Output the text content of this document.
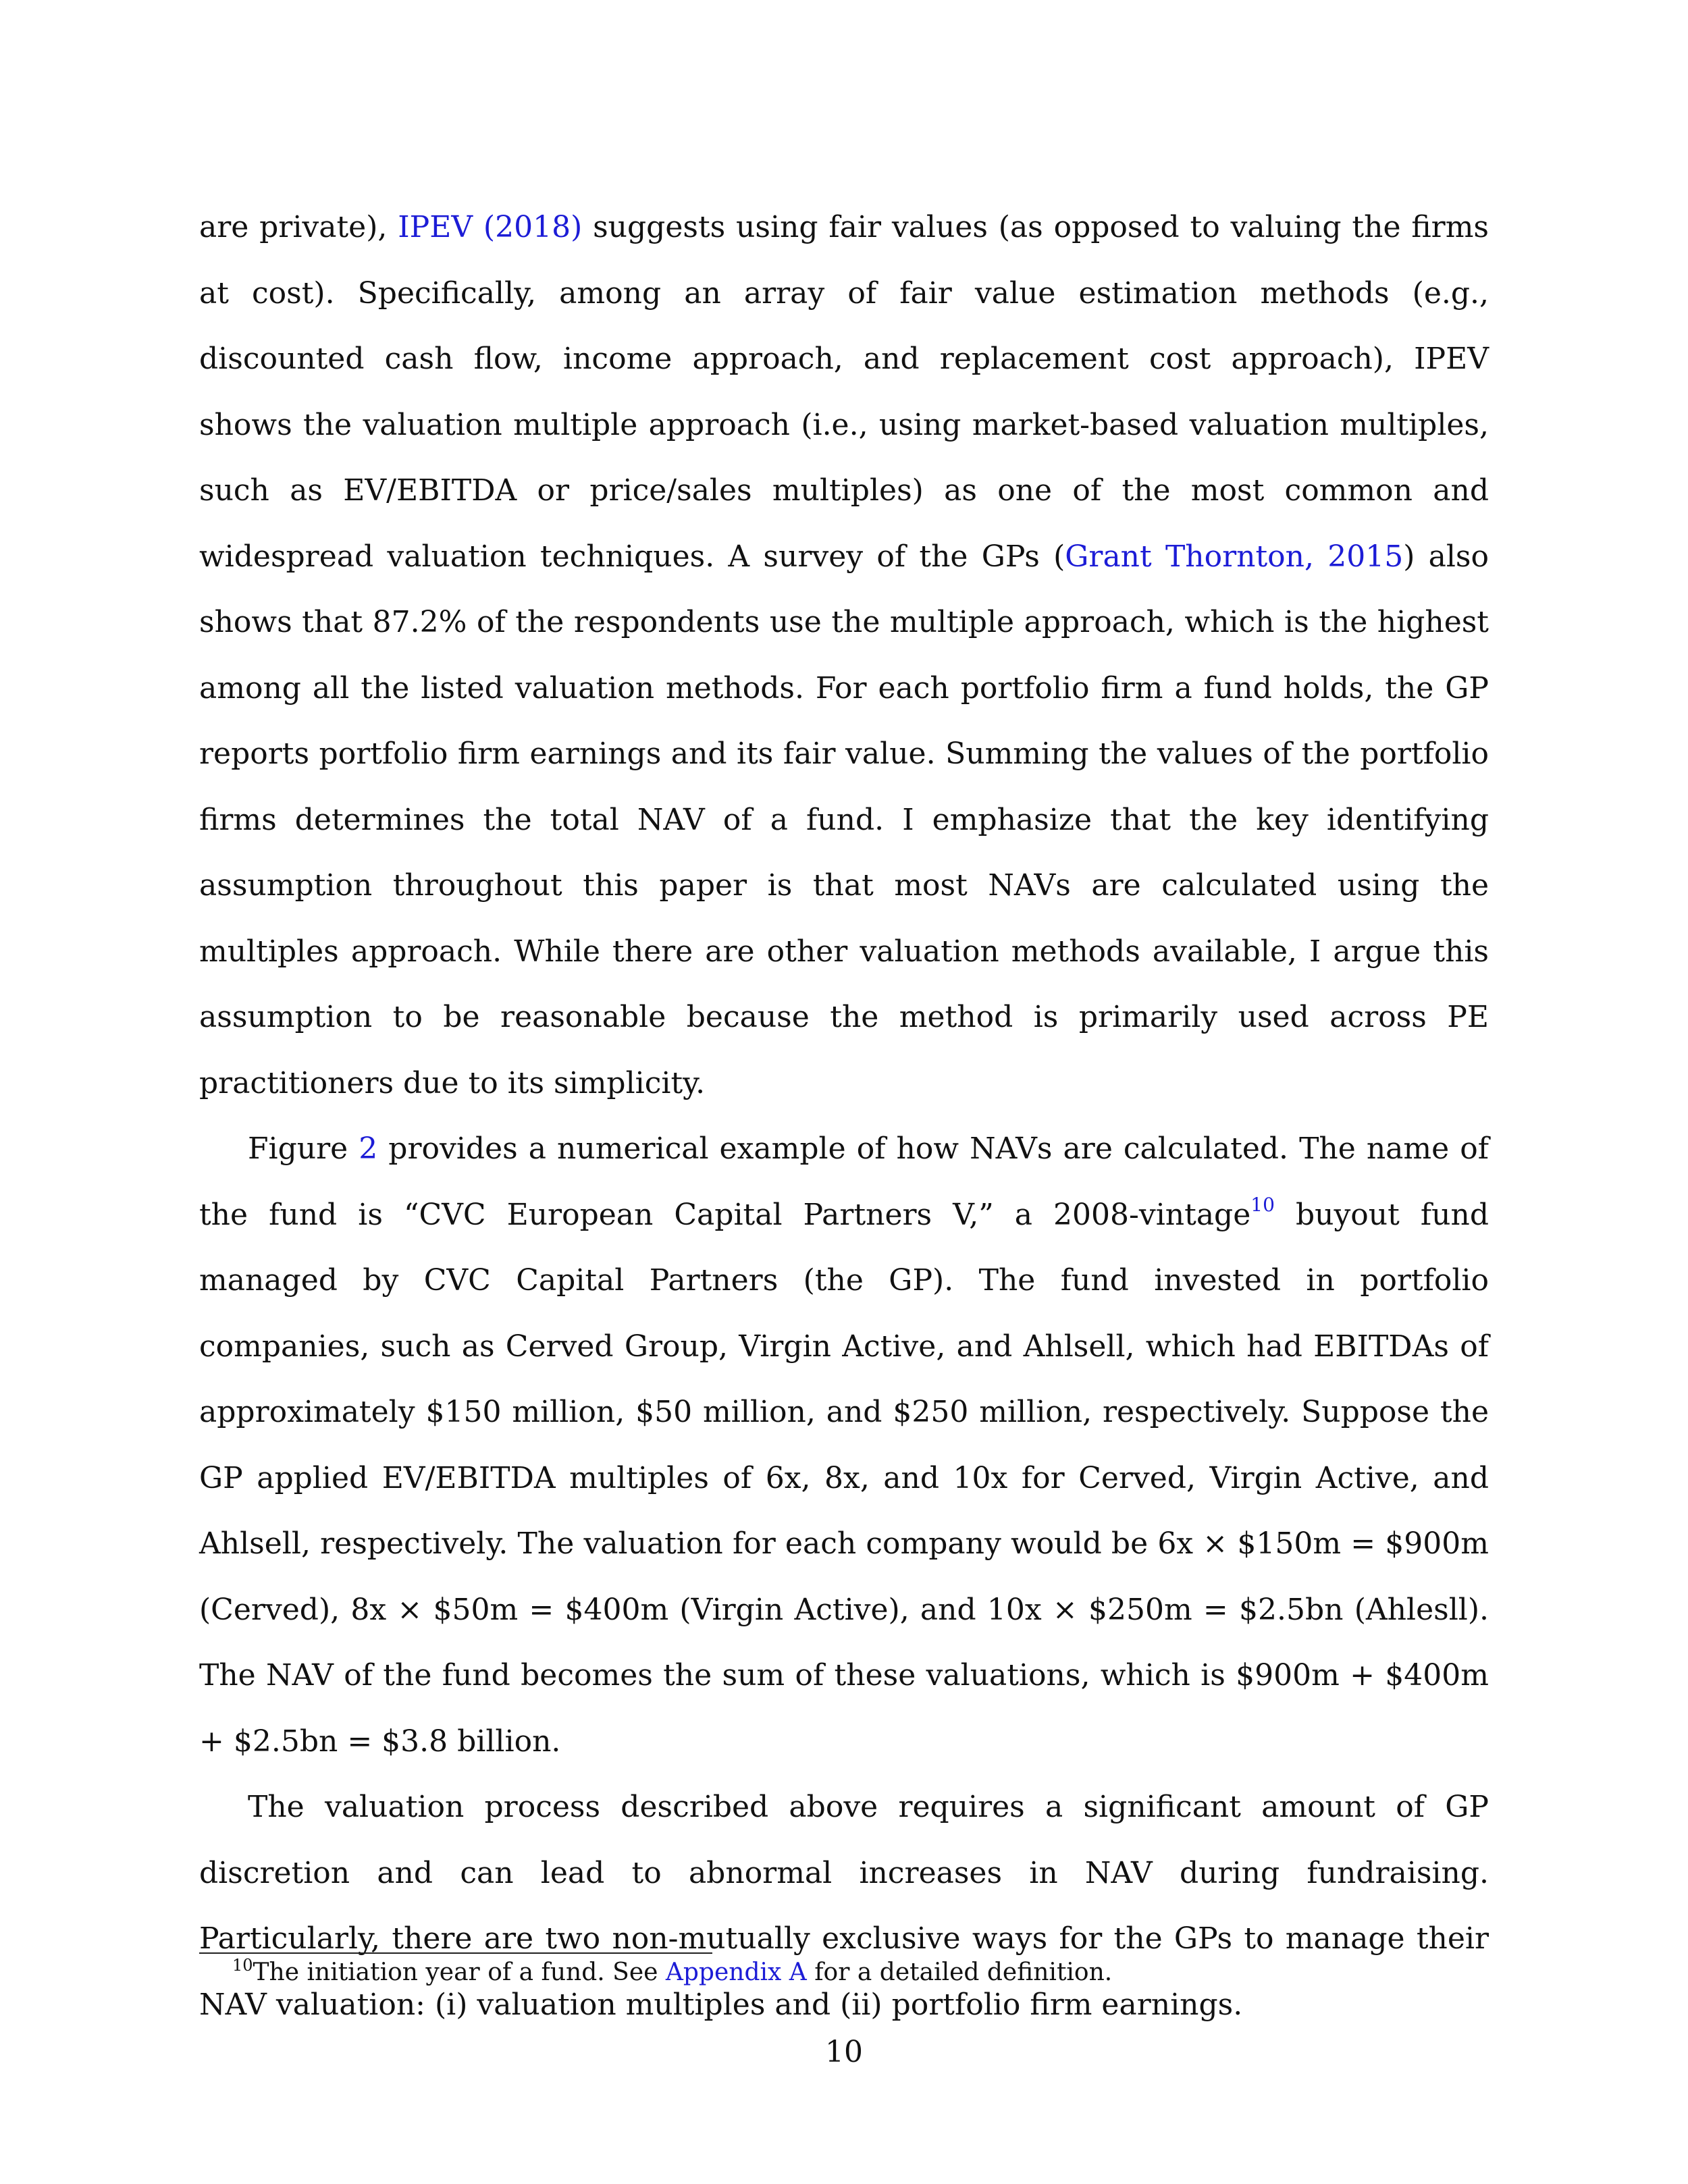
are private), IPEV (2018) suggests using fair values (as opposed to valuing the firms at cost). Specifically, among an array of fair value estimation methods (e.g., discounted cash flow, income approach, and replacement cost approach), IPEV shows the valuation multiple approach (i.e., using market-based valuation multiples, such as EV/EBITDA or price/sales multiples) as one of the most common and widespread valuation techniques. A survey of the GPs (Grant Thornton, 2015) also shows that 87.2% of the respondents use the multiple approach, which is the highest among all the listed valuation methods. For each portfolio firm a fund holds, the GP reports portfolio firm earnings and its fair value. Summing the values of the portfolio firms determines the total NAV of a fund. I emphasize that the key identifying assumption throughout this paper is that most NAVs are calculated using the multiples approach. While there are other valuation methods available, I argue this assumption to be reasonable because the method is primarily used across PE practitioners due to its simplicity.

Figure 2 provides a numerical example of how NAVs are calculated. The name of the fund is “CVC European Capital Partners V,” a 2008-vintage$^{10}$ buyout fund managed by CVC Capital Partners (the GP). The fund invested in portfolio companies, such as Cerved Group, Virgin Active, and Ahlsell, which had EBITDAs of approximately $150 million, $50 million, and $250 million, respectively. Suppose the GP applied EV/EBITDA multiples of 6x, 8x, and 10x for Cerved, Virgin Active, and Ahlsell, respectively. The valuation for each company would be 6x × $150m = $900m (Cerved), 8x × $50m = $400m (Virgin Active), and 10x × $250m = $2.5bn (Ahlesll). The NAV of the fund becomes the sum of these valuations, which is $900m + $400m + $2.5bn = $3.8 billion.

The valuation process described above requires a significant amount of GP discretion and can lead to abnormal increases in NAV during fundraising. Particularly, there are two non-mutually exclusive ways for the GPs to manage their NAV valuation: (i) valuation multiples and (ii) portfolio firm earnings.

$^{10}$The initiation year of a fund. See Appendix A for a detailed definition.

10
